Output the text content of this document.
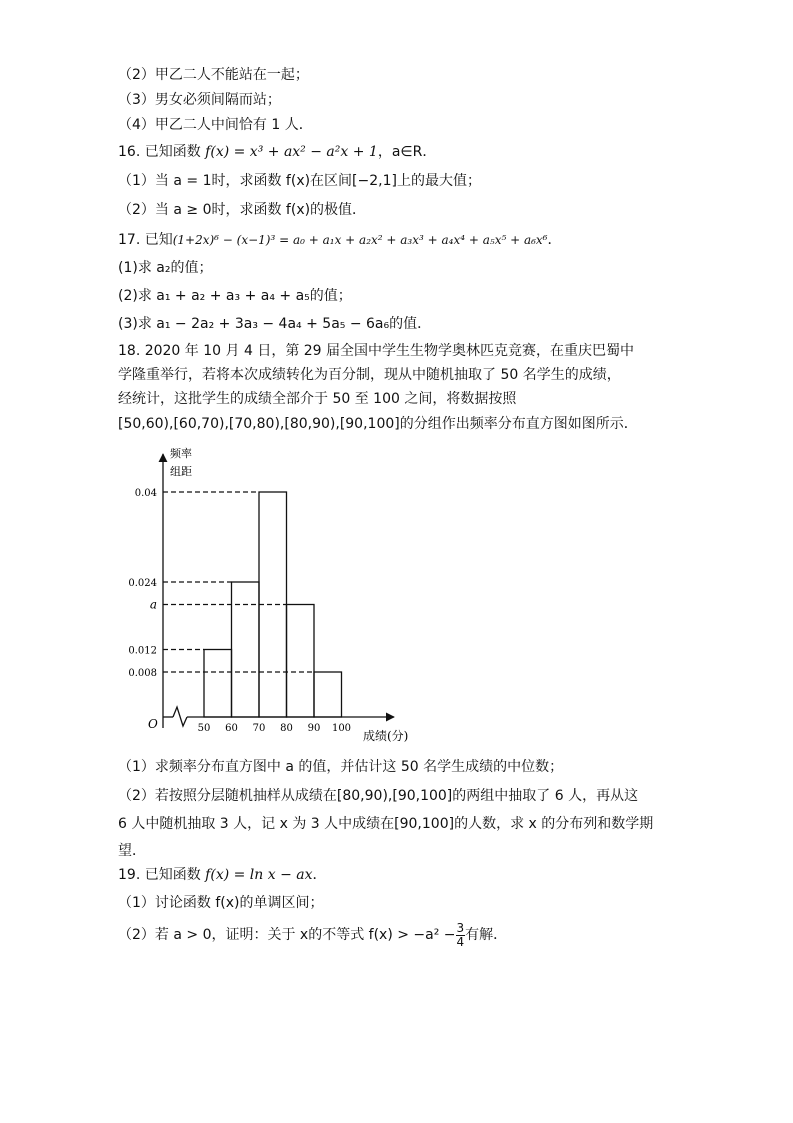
（2）甲乙二人不能站在一起；
（3）男女必须间隔而站；
（4）甲乙二人中间恰有 1 人．
16. 已知函数 f(x) = x³ + ax² − a²x + 1，a∈R．
（1）当 a = 1时，求函数 f(x)在区间[−2,1]上的最大值；
（2）当 a ≥ 0时，求函数 f(x)的极值．
17. 已知(1+2x)⁶ − (x−1)³ = a₀ + a₁x + a₂x² + a₃x³ + a₄x⁴ + a₅x⁵ + a₆x⁶．
(1)求 a₂的值；
(2)求 a₁ + a₂ + a₃ + a₄ + a₅的值；
(3)求 a₁ − 2a₂ + 3a₃ − 4a₄ + 5a₅ − 6a₆的值．
18. 2020 年 10 月 4 日，第 29 届全国中学生生物学奥林匹克竞赛，在重庆巴蜀中
学隆重举行，若将本次成绩转化为百分制，现从中随机抽取了 50 名学生的成绩，
经统计，这批学生的成绩全部介于 50 至 100 之间，将数据按照
[50,60),[60,70),[70,80),[80,90),[90,100]的分组作出频率分布直方图如图所示．
频率
组距
O
成绩(分)
0.04
0.024
a
0.012
0.008
50 60 70 80 90 100
（1）求频率分布直方图中 a 的值，并估计这 50 名学生成绩的中位数；
（2）若按照分层随机抽样从成绩在[80,90),[90,100]的两组中抽取了 6 人，再从这
6 人中随机抽取 3 人，记 x 为 3 人中成绩在[90,100]的人数，求 x 的分布列和数学期
望．
19. 已知函数 f(x) = ln x − ax．
（1）讨论函数 f(x)的单调区间；
（2）若 a > 0，证明：关于 x的不等式 $f(x) > -a^2 - \frac{3}{4}$ 有解．
